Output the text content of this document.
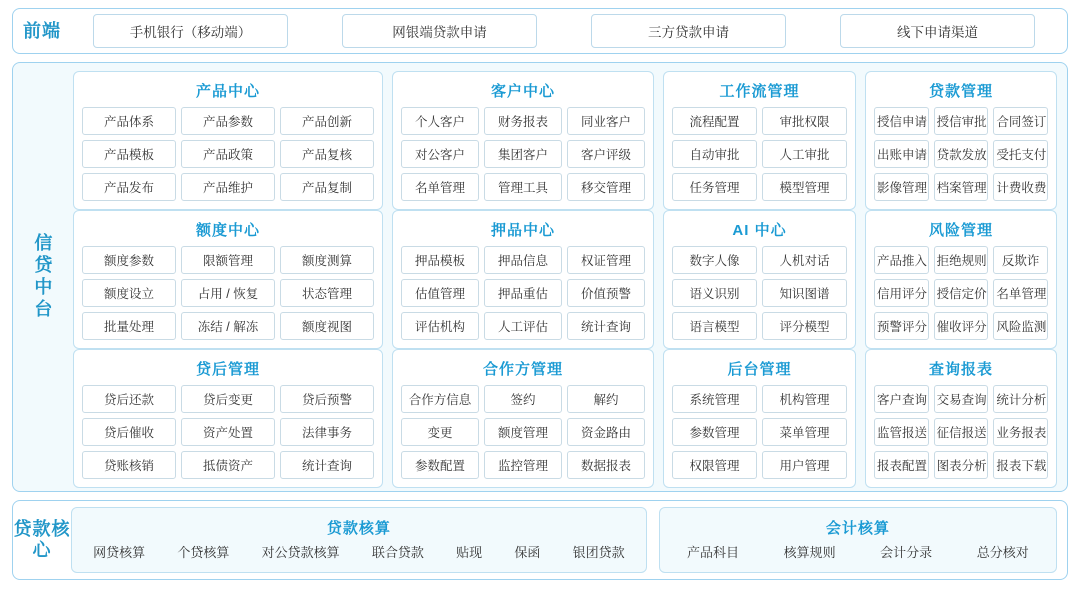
前端	手机银行（移动端）	网银端贷款申请	三方贷款申请	线下申请渠道
信贷中台
产品中心
产品体系	产品参数	产品创新
产品模板	产品政策	产品复核
产品发布	产品维护	产品复制
客户中心
个人客户	财务报表	同业客户
对公客户	集团客户	客户评级
名单管理	管理工具	移交管理
工作流管理
流程配置	审批权限
自动审批	人工审批
任务管理	模型管理
贷款管理
授信申请 授信审批 合同签订
出账申请 贷款发放 受托支付
影像管理 档案管理 计费收费
额度中心
额度参数	限额管理	额度测算
额度设立	占用 / 恢复	状态管理
批量处理	冻结 / 解冻	额度视图
押品中心
押品模板	押品信息	权证管理
估值管理	押品重估	价值预警
评估机构	人工评估	统计查询
AI 中心
数字人像	人机对话
语义识别	知识图谱
语言模型	评分模型
风险管理
产品推入 拒绝规则	反欺诈
信用评分 授信定价 名单管理
预警评分 催收评分 风险监测
贷后管理
贷后还款	贷后变更	贷后预警
贷后催收	资产处置	法律事务
贷账核销	抵债资产	统计查询
合作方管理
合作方信息	签约	解约
变更	额度管理	资金路由
参数配置	监控管理	数据报表
后台管理
系统管理	机构管理
参数管理	菜单管理
权限管理	用户管理
查询报表
客户查询 交易查询 统计分析
监管报送 征信报送 业务报表
报表配置 图表分析 报表下载
贷款核心
贷款核算
网贷核算 个贷核算 对公贷款核算 联合贷款 贴现 保函 银团贷款
会计核算
产品科目	核算规则	会计分录	总分核对
